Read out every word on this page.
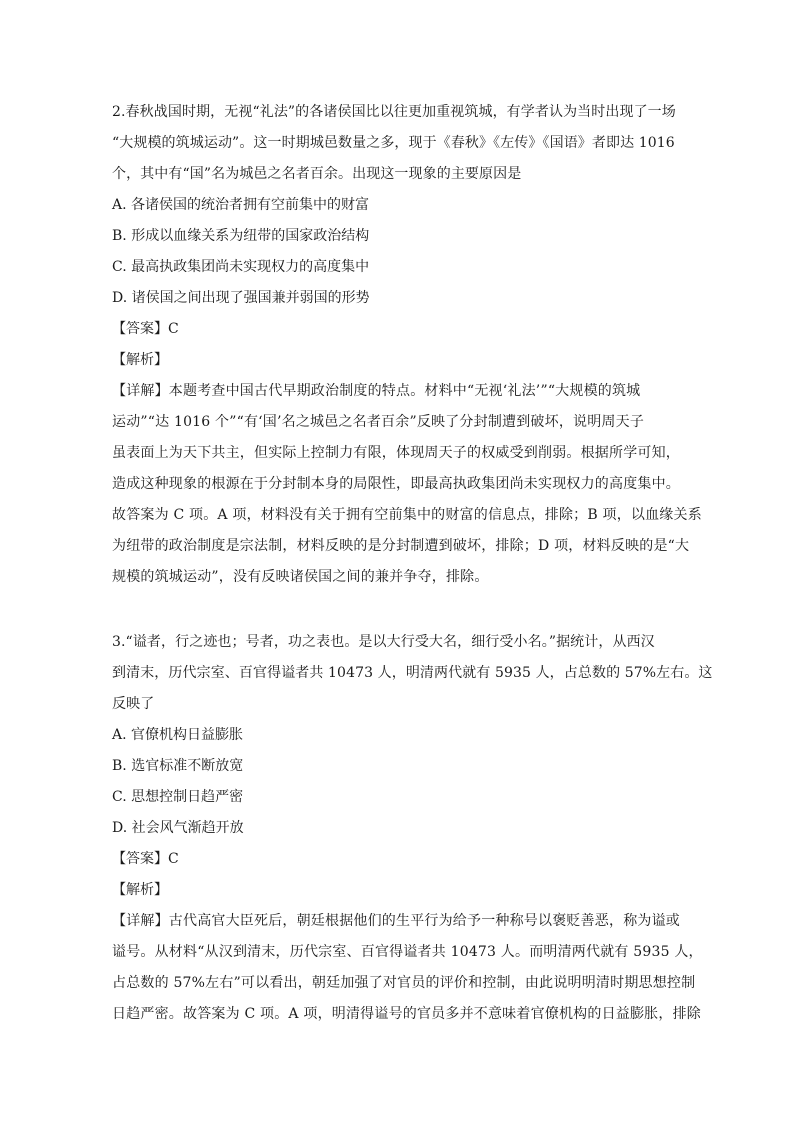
2.春秋战国时期，无视“礼法”的各诸侯国比以往更加重视筑城，有学者认为当时出现了一场
“大规模的筑城运动”。这一时期城邑数量之多，现于《春秋》《左传》《国语》者即达 1016
个，其中有“国”名为城邑之名者百余。出现这一现象的主要原因是
A. 各诸侯国的统治者拥有空前集中的财富
B. 形成以血缘关系为纽带的国家政治结构
C. 最高执政集团尚未实现权力的高度集中
D. 诸侯国之间出现了强国兼并弱国的形势
【答案】C
【解析】
【详解】本题考查中国古代早期政治制度的特点。材料中“无视‘礼法’”“大规模的筑城
运动”“达 1016 个”“有‘国’名之城邑之名者百余”反映了分封制遭到破坏，说明周天子
虽表面上为天下共主，但实际上控制力有限，体现周天子的权威受到削弱。根据所学可知，
造成这种现象的根源在于分封制本身的局限性，即最高执政集团尚未实现权力的高度集中。
故答案为 C 项。A 项，材料没有关于拥有空前集中的财富的信息点，排除；B 项，以血缘关系
为纽带的政治制度是宗法制，材料反映的是分封制遭到破坏，排除；D 项，材料反映的是“大
规模的筑城运动”，没有反映诸侯国之间的兼并争夺，排除。
3.“谥者，行之迹也；号者，功之表也。是以大行受大名，细行受小名。”据统计，从西汉
到清末，历代宗室、百官得谥者共 10473 人，明清两代就有 5935 人，占总数的 57%左右。这
反映了
A. 官僚机构日益膨胀
B. 选官标准不断放宽
C. 思想控制日趋严密
D. 社会风气渐趋开放
【答案】C
【解析】
【详解】古代高官大臣死后，朝廷根据他们的生平行为给予一种称号以褒贬善恶，称为谥或
谥号。从材料“从汉到清末，历代宗室、百官得谥者共 10473 人。而明清两代就有 5935 人，
占总数的 57%左右”可以看出，朝廷加强了对官员的评价和控制，由此说明明清时期思想控制
日趋严密。故答案为 C 项。A 项，明清得谥号的官员多并不意味着官僚机构的日益膨胀，排除
